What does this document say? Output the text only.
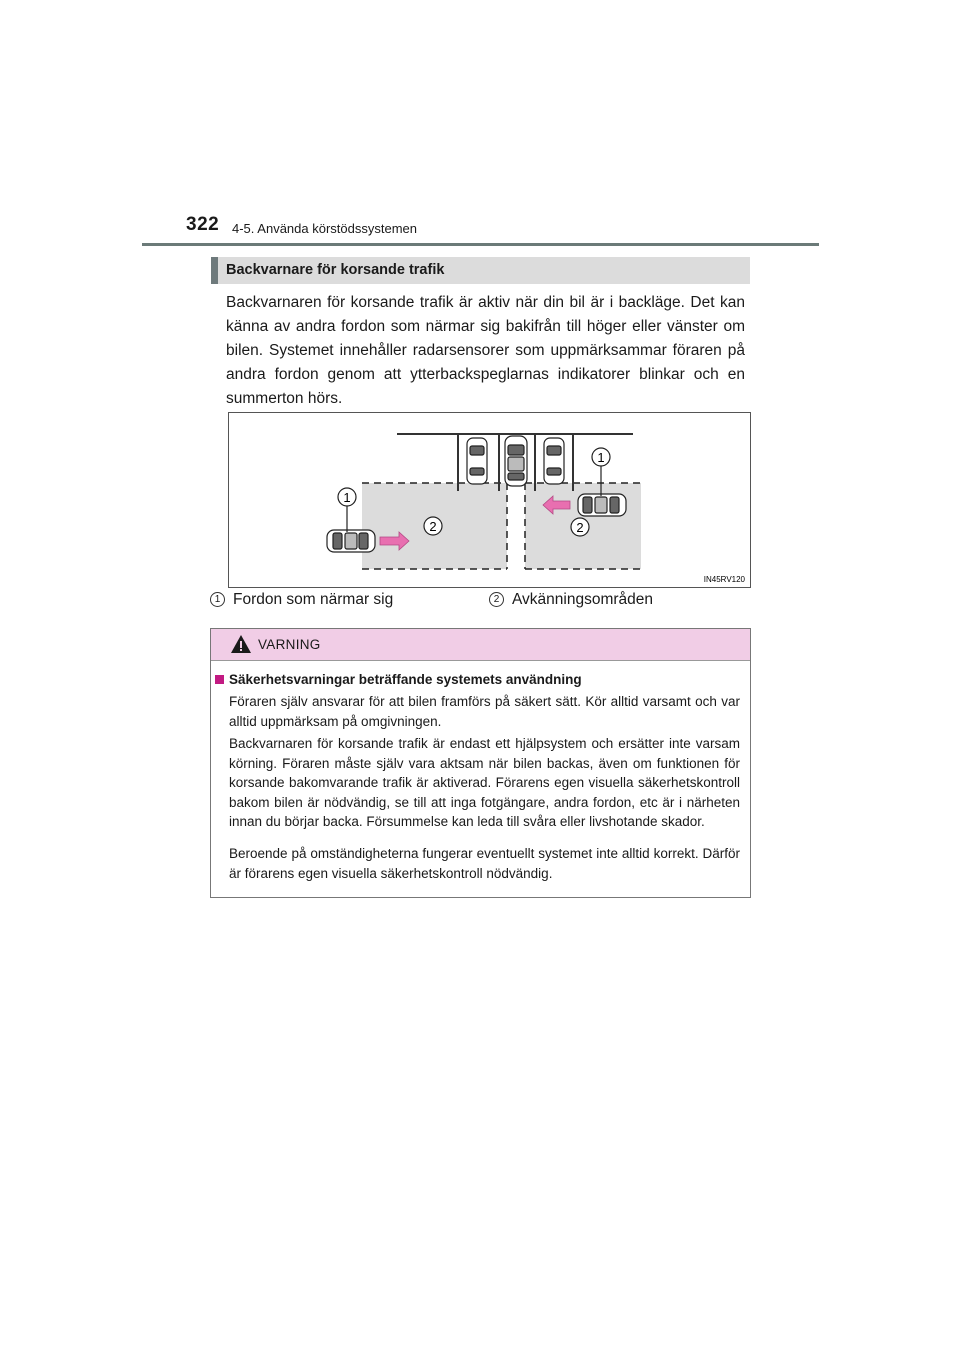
322 4-5. Använda körstödssystemen
Backvarnare för korsande trafik
Backvarnaren för korsande trafik är aktiv när din bil är i backläge. Det kan känna av andra fordon som närmar sig bakifrån till höger eller vänster om bilen. Systemet innehåller radarsensorer som uppmärksammar föraren på andra fordon genom att ytterbackspeglarnas indikatorer blinkar och en summerton hörs.
1
1
2	2
IN45RV120
1 Fordon som närmar sig	2 Avkänningsområden
VARNING
Säkerhetsvarningar beträffande systemets användning
Föraren själv ansvarar för att bilen framförs på säkert sätt. Kör alltid varsamt och var alltid uppmärksam på omgivningen.
Backvarnaren för korsande trafik är endast ett hjälpsystem och ersätter inte varsam körning. Föraren måste själv vara aktsam när bilen backas, även om funktionen för korsande bakomvarande trafik är aktiverad. Förarens egen visuella säkerhetskontroll bakom bilen är nödvändig, se till att inga fotgängare, andra fordon, etc är i närheten innan du börjar backa. Försummelse kan leda till svåra eller livshotande skador.
Beroende på omständigheterna fungerar eventuellt systemet inte alltid korrekt. Därför är förarens egen visuella säkerhetskontroll nödvändig.
